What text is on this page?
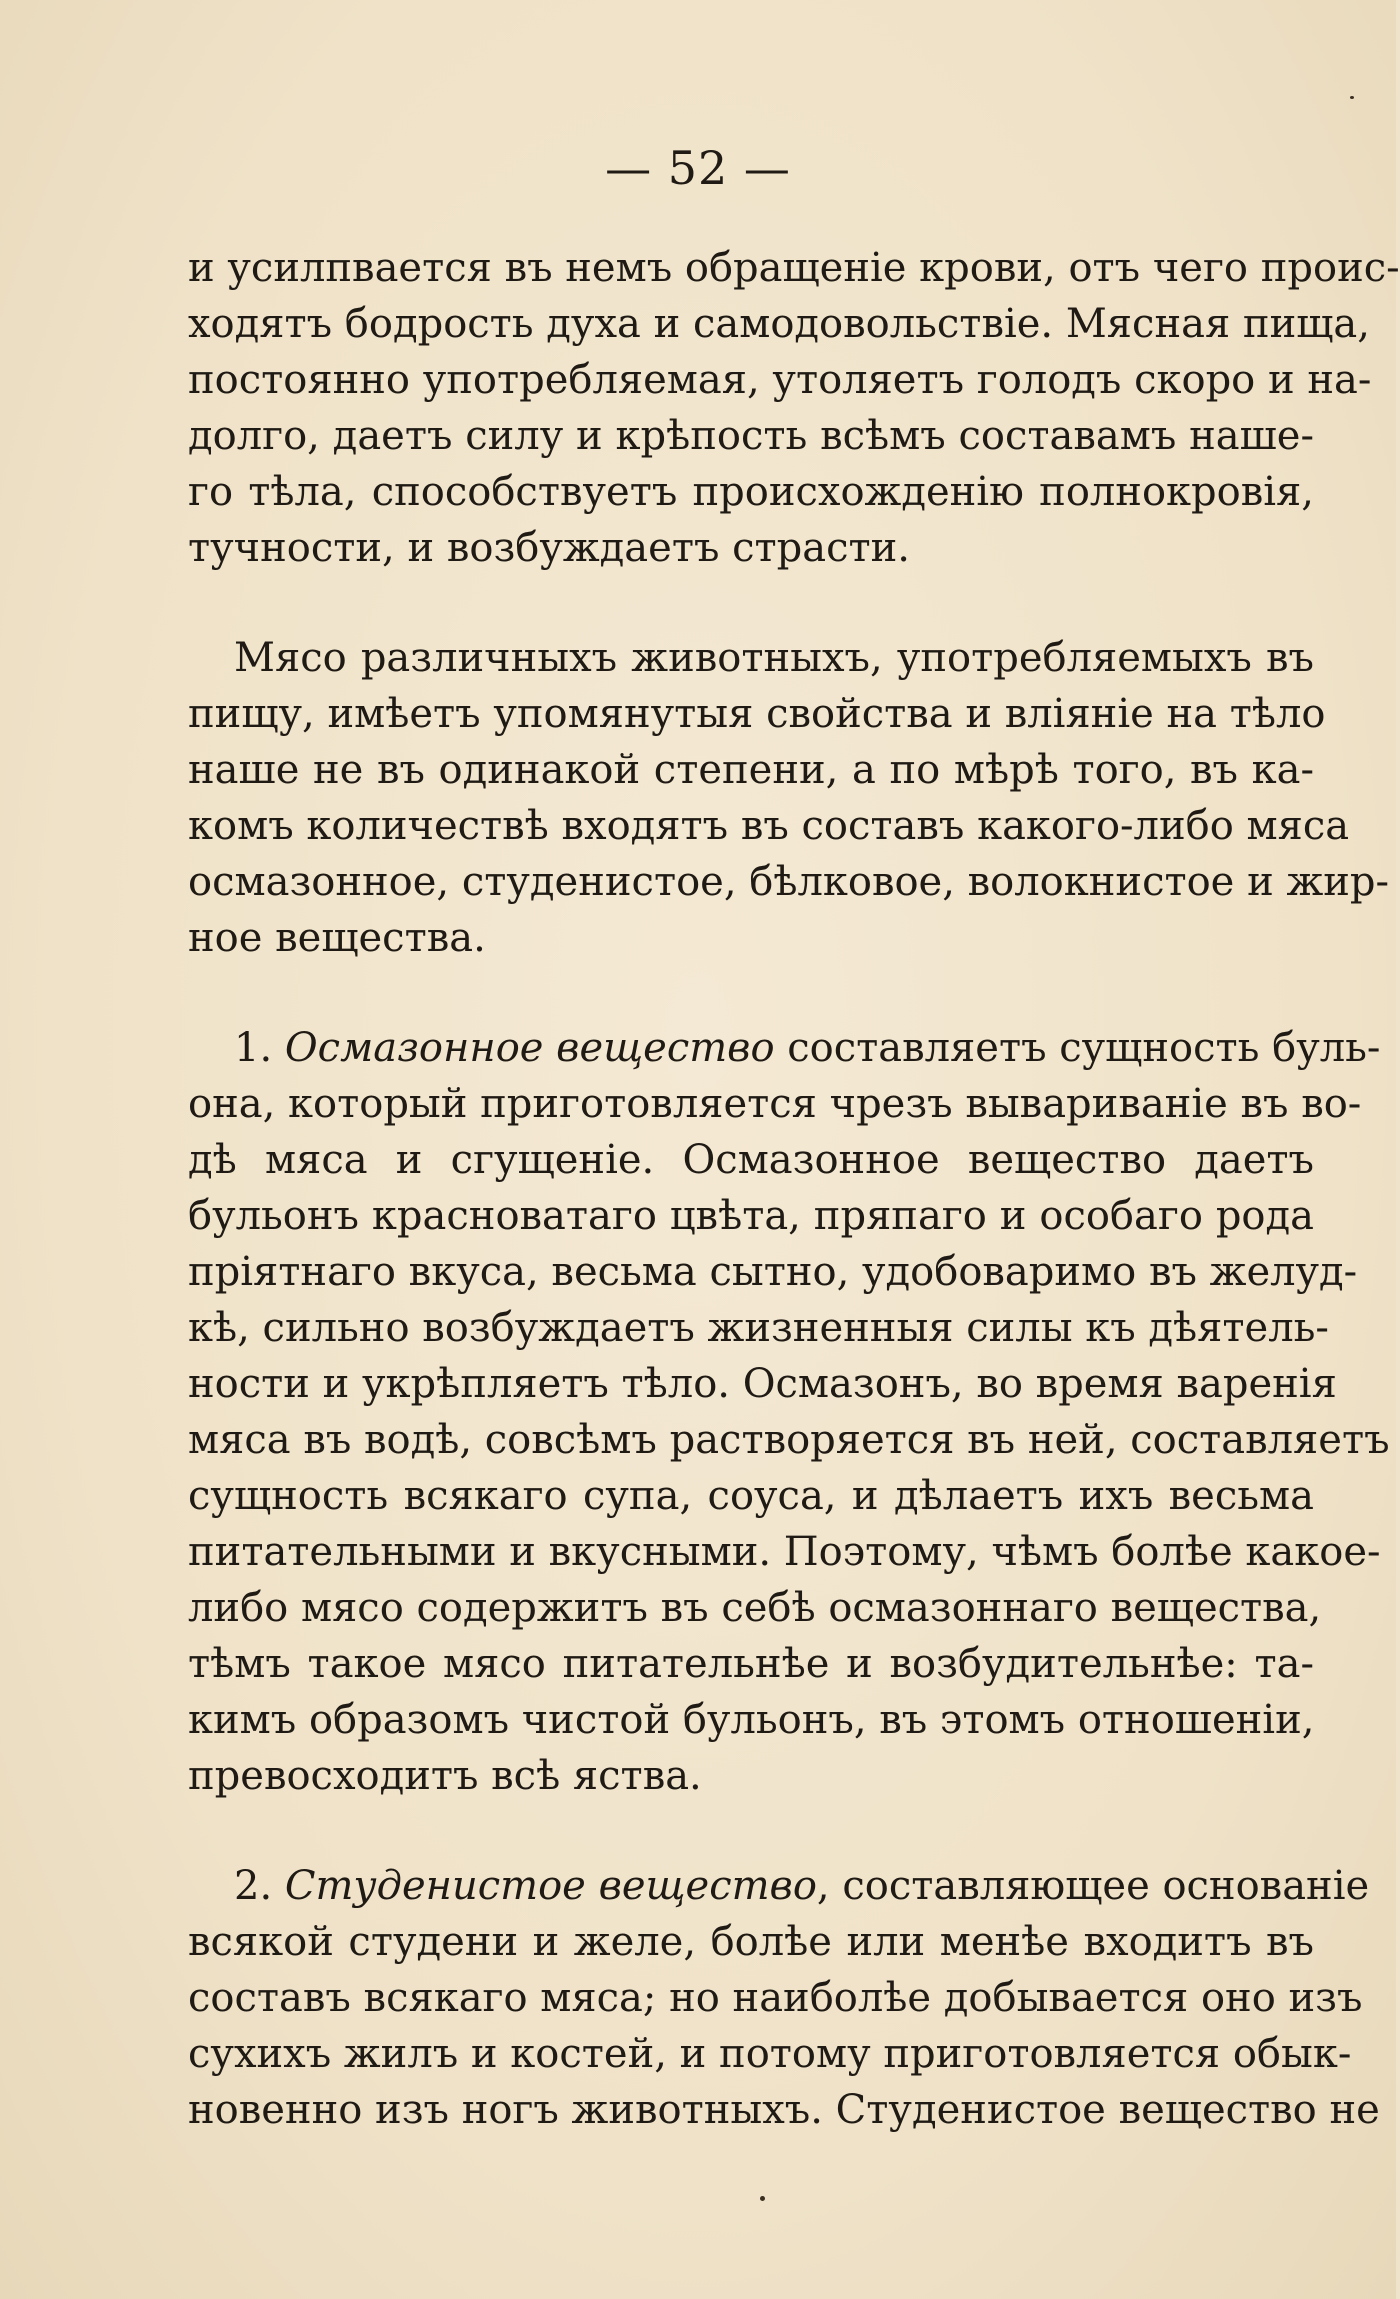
— 52 —
и усилпвается въ немъ обращеніе крови, отъ чего проис-
ходятъ бодрость духа и самодовольствіе. Мясная пища,
постоянно употребляемая, утоляетъ голодъ скоро и на-
долго, даетъ силу и крѣпость всѣмъ составамъ наше-
го тѣла, способствуетъ происхожденію полнокровія,
тучности, и возбуждаетъ страсти.
Мясо различныхъ животныхъ, употребляемыхъ въ
пищу, имѣетъ упомянутыя свойства и вліяніе на тѣло
наше не въ одинакой степени, а по мѣрѣ того, въ ка-
комъ количествѣ входятъ въ составъ какого-либо мяса
осмазонное, студенистое, бѣлковое, волокнистое и жир-
ное вещества.
1. Осмазонное вещество составляетъ сущность буль-
она, который приготовляется чрезъ вывариваніе въ во-
дѣ мяса и сгущеніе. Осмазонное вещество даетъ
бульонъ красноватаго цвѣта, пряпаго и особаго рода
пріятнаго вкуса, весьма сытно, удобоваримо въ желуд-
кѣ, сильно возбуждаетъ жизненныя силы къ дѣятель-
ности и укрѣпляетъ тѣло. Осмазонъ, во время варенія
мяса въ водѣ, совсѣмъ растворяется въ ней, составляетъ
сущность всякаго супа, соуса, и дѣлаетъ ихъ весьма
питательными и вкусными. Поэтому, чѣмъ болѣе какое-
либо мясо содержитъ въ себѣ осмазоннаго вещества,
тѣмъ такое мясо питательнѣе и возбудительнѣе: та-
кимъ образомъ чистой бульонъ, въ этомъ отношеніи,
превосходитъ всѣ яства.
2. Студенистое вещество, составляющее основаніе
всякой студени и желе, болѣе или менѣе входитъ въ
составъ всякаго мяса; но наиболѣе добывается оно изъ
сухихъ жилъ и костей, и потому приготовляется обык-
новенно изъ ногъ животныхъ. Студенистое вещество не
